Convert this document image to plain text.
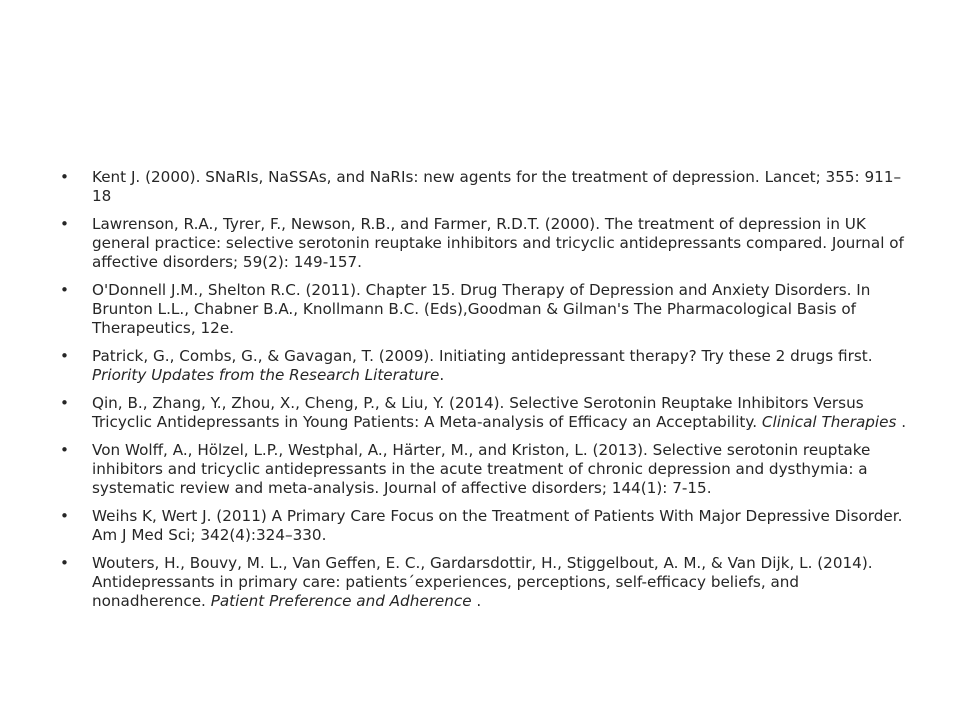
• Kent J. (2000). SNaRIs, NaSSAs, and NaRIs: new agents for the treatment of depression. Lancet; 355: 911–18
• Lawrenson, R.A., Tyrer, F., Newson, R.B., and Farmer, R.D.T. (2000). The treatment of depression in UK general practice: selective serotonin reuptake inhibitors and tricyclic antidepressants compared. Journal of affective disorders; 59(2): 149-157.
• O'Donnell J.M., Shelton R.C. (2011). Chapter 15. Drug Therapy of Depression and Anxiety Disorders. In Brunton L.L., Chabner B.A., Knollmann B.C. (Eds),Goodman & Gilman's The Pharmacological Basis of Therapeutics, 12e.
• Patrick, G., Combs, G., & Gavagan, T. (2009). Initiating antidepressant therapy? Try these 2 drugs first. Priority Updates from the Research Literature.
• Qin, B., Zhang, Y., Zhou, X., Cheng, P., & Liu, Y. (2014). Selective Serotonin Reuptake Inhibitors Versus Tricyclic Antidepressants in Young Patients: A Meta-analysis of Efficacy an Acceptability. Clinical Therapies .
• Von Wolff, A., Hölzel, L.P., Westphal, A., Härter, M., and Kriston, L. (2013). Selective serotonin reuptake inhibitors and tricyclic antidepressants in the acute treatment of chronic depression and dysthymia: a systematic review and meta-analysis. Journal of affective disorders; 144(1): 7-15.
• Weihs K, Wert J. (2011) A Primary Care Focus on the Treatment of Patients With Major Depressive Disorder. Am J Med Sci; 342(4):324–330.
• Wouters, H., Bouvy, M. L., Van Geffen, E. C., Gardarsdottir, H., Stiggelbout, A. M., & Van Dijk, L. (2014). Antidepressants in primary care: patients´experiences, perceptions, self-efficacy beliefs, and nonadherence. Patient Preference and Adherence .
